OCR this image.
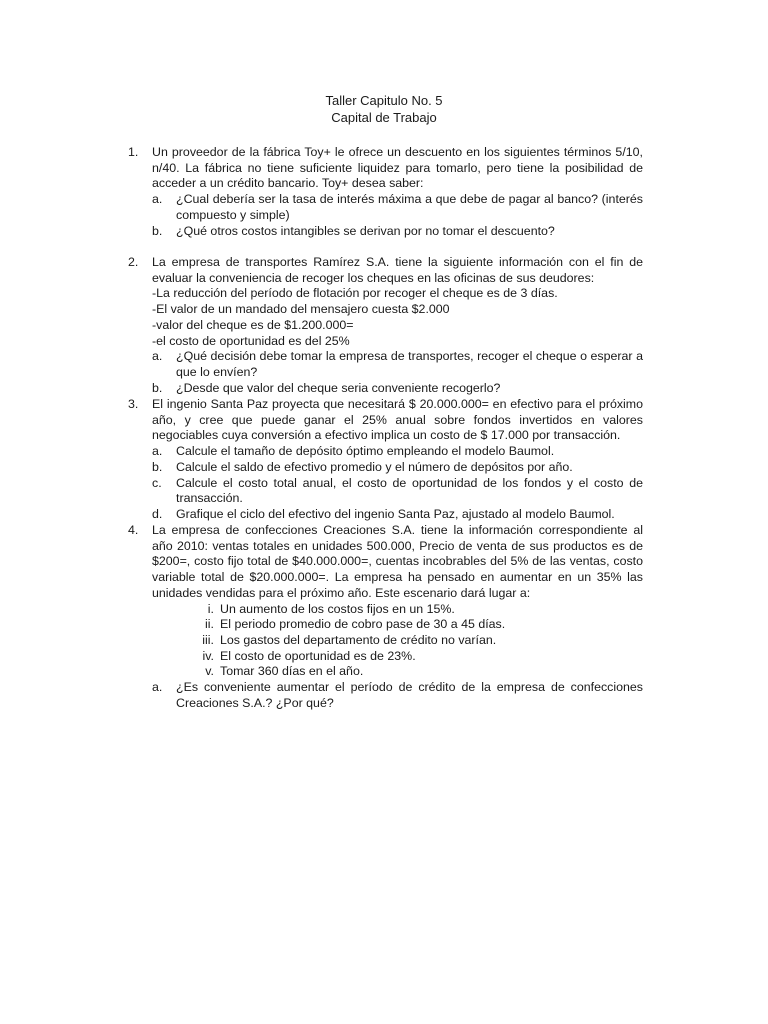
Taller Capitulo No. 5
Capital de Trabajo
1. Un proveedor de la fábrica Toy+ le ofrece un descuento en los siguientes términos 5/10, n/40. La fábrica no tiene suficiente liquidez para tomarlo, pero tiene la posibilidad de acceder a un crédito bancario. Toy+ desea saber:
a.	¿Cual debería ser la tasa de interés máxima a que debe de pagar al banco? (interés compuesto y simple)
b.	¿Qué otros costos intangibles se derivan por no tomar el descuento?
2. La empresa de transportes Ramírez S.A. tiene la siguiente información con el fin de evaluar la conveniencia de recoger los cheques en las oficinas de sus deudores:
-La reducción del período de flotación por recoger el cheque es de 3 días.
-El valor de un mandado del mensajero cuesta $2.000
-valor del cheque es de $1.200.000=
-el costo de oportunidad es del 25%
a.	¿Qué decisión debe tomar la empresa de transportes, recoger el cheque o esperar a que lo envíen?
b.	¿Desde que valor del cheque seria conveniente recogerlo?
3. El ingenio Santa Paz proyecta que necesitará $ 20.000.000= en efectivo para el próximo año, y cree que puede ganar el 25% anual sobre fondos invertidos en valores negociables cuya conversión a efectivo implica un costo de $ 17.000 por transacción.
a.	Calcule el tamaño de depósito óptimo empleando el modelo Baumol.
b.	Calcule el saldo de efectivo promedio y el número de depósitos por año.
c.	Calcule el costo total anual, el costo de oportunidad de los fondos y el costo de transacción.
d.	Grafique el ciclo del efectivo del ingenio Santa Paz, ajustado al modelo Baumol.
4. La empresa de confecciones Creaciones S.A. tiene la información correspondiente al año 2010: ventas totales en unidades 500.000, Precio de venta de sus productos es de $200=, costo fijo total de $40.000.000=, cuentas incobrables del 5% de las ventas, costo variable total de $20.000.000=. La empresa ha pensado en aumentar en un 35% las unidades vendidas para el próximo año. Este escenario dará lugar a:
i. Un aumento de los costos fijos en un 15%.
ii. El periodo promedio de cobro pase de 30 a 45 días.
iii. Los gastos del departamento de crédito no varían.
iv. El costo de oportunidad es de 23%.
v. Tomar 360 días en el año.
a.	¿Es conveniente aumentar el período de crédito de la empresa de confecciones Creaciones S.A.? ¿Por qué?
